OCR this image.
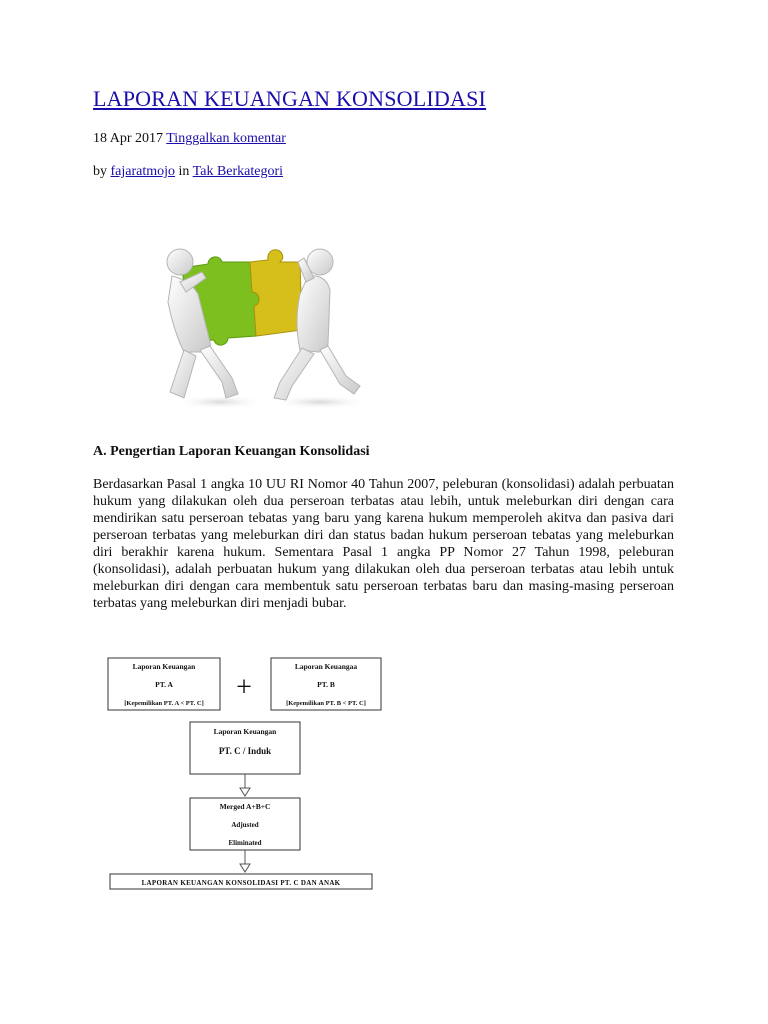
LAPORAN KEUANGAN KONSOLIDASI
18 Apr 2017 Tinggalkan komentar
by fajaratmojo in Tak Berkategori
A. Pengertian Laporan Keuangan Konsolidasi

Berdasarkan Pasal 1 angka 10 UU RI Nomor 40 Tahun 2007, peleburan (konsolidasi) adalah perbuatan hukum yang dilakukan oleh dua perseroan terbatas atau lebih, untuk meleburkan diri dengan cara mendirikan satu perseroan tebatas yang baru yang karena hukum memperoleh akitva dan pasiva dari perseroan terbatas yang meleburkan diri dan status badan hukum perseroan tebatas yang meleburkan diri berakhir karena hukum. Sementara Pasal 1 angka PP Nomor 27 Tahun 1998, peleburan (konsolidasi), adalah perbuatan hukum yang dilakukan oleh dua perseroan terbatas atau lebih untuk meleburkan diri dengan cara membentuk satu perseroan terbatas baru dan masing-masing perseroan terbatas yang meleburkan diri menjadi bubar.

Laporan Keuangan
PT. A
[Kepemilikan PT. A < PT. C]
+
Laporan Keuangaa
PT. B
[Kepemilikan PT. B < PT. C]
Laporan Keuangan
PT. C / Induk
Merged A+B+C
Adjusted
Eliminated
LAPORAN KEUANGAN KONSOLIDASI PT. C DAN ANAK
